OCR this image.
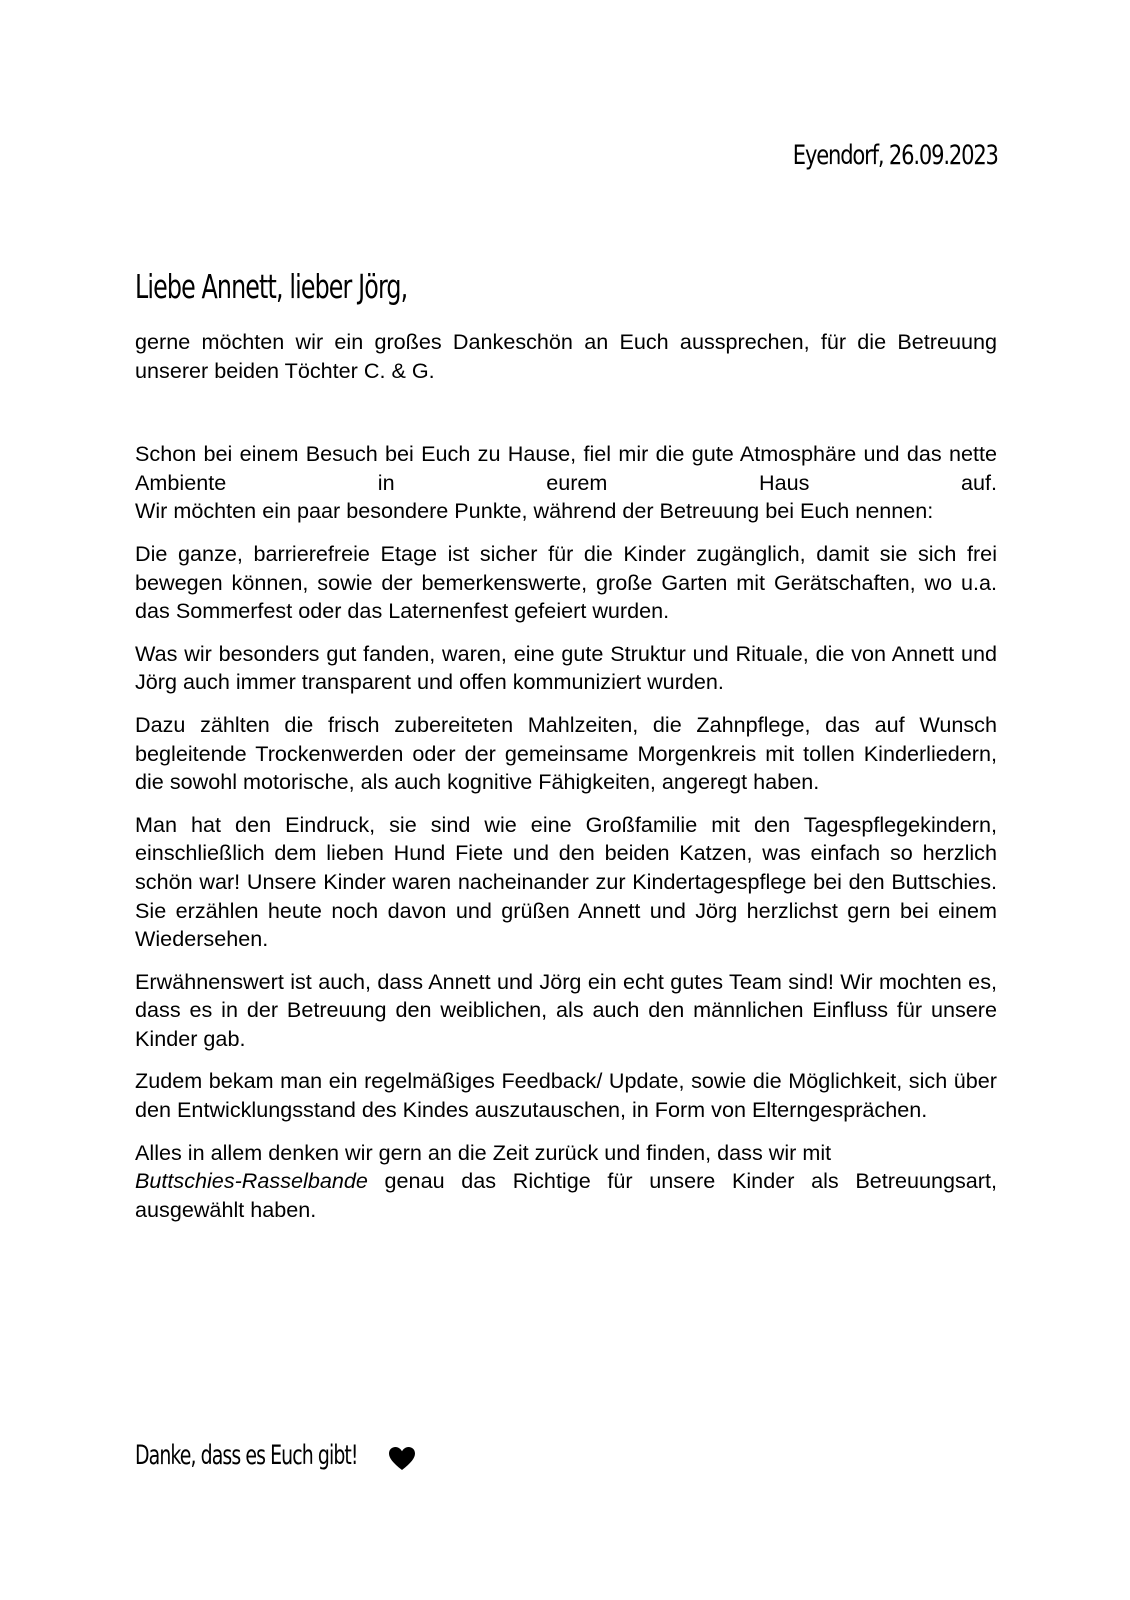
Eyendorf, 26.09.2023
Liebe Annett, lieber Jörg,

gerne möchten wir ein großes Dankeschön an Euch aussprechen, für die Betreuung unserer beiden Töchter C. & G.

Schon bei einem Besuch bei Euch zu Hause, fiel mir die gute Atmosphäre und das nette Ambiente in eurem Haus auf.

Wir möchten ein paar besondere Punkte, während der Betreuung bei Euch nennen:

Die ganze, barrierefreie Etage ist sicher für die Kinder zugänglich, damit sie sich frei bewegen können, sowie der bemerkenswerte, große Garten mit Gerätschaften, wo u.a. das Sommerfest oder das Laternenfest gefeiert wurden.

Was wir besonders gut fanden, waren, eine gute Struktur und Rituale, die von Annett und Jörg auch immer transparent und offen kommuniziert wurden.

Dazu zählten die frisch zubereiteten Mahlzeiten, die Zahnpflege, das auf Wunsch begleitende Trockenwerden oder der gemeinsame Morgenkreis mit tollen Kinderliedern, die sowohl motorische, als auch kognitive Fähigkeiten, angeregt haben.

Man hat den Eindruck, sie sind wie eine Großfamilie mit den Tagespflegekindern, einschließlich dem lieben Hund Fiete und den beiden Katzen, was einfach so herzlich schön war! Unsere Kinder waren nacheinander zur Kindertagespflege bei den Buttschies. Sie erzählen heute noch davon und grüßen Annett und Jörg herzlichst gern bei einem Wiedersehen.

Erwähnenswert ist auch, dass Annett und Jörg ein echt gutes Team sind! Wir mochten es, dass es in der Betreuung den weiblichen, als auch den männlichen Einfluss für unsere Kinder gab.

Zudem bekam man ein regelmäßiges Feedback/ Update, sowie die Möglichkeit, sich über den Entwicklungsstand des Kindes auszutauschen, in Form von Elterngesprächen.

Alles in allem denken wir gern an die Zeit zurück und finden, dass wir mit
Buttschies-Rasselbande genau das Richtige für unsere Kinder als Betreuungsart, ausgewählt haben.

Danke, dass es Euch gibt!
